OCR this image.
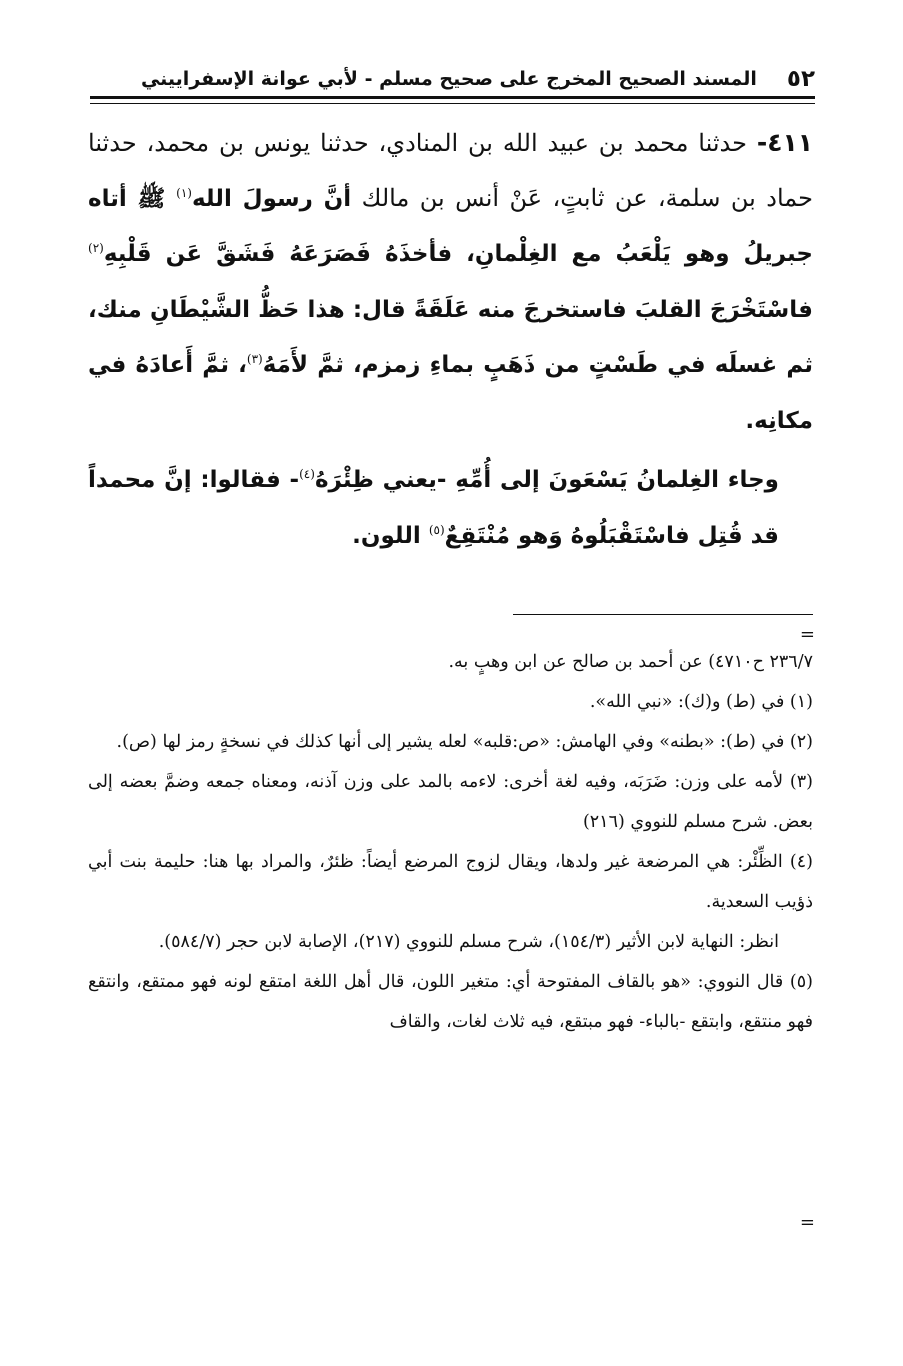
٥٢
المسند الصحيح المخرج على صحيح مسلم - لأبي عوانة الإسفراييني

٤١١- حدثنا محمد بن عبيد الله بن المنادي، حدثنا يونس بن محمد، حدثنا حماد بن سلمة، عن ثابتٍ، عَنْ أنس بن مالك أنَّ رسولَ الله$^{(١)}$ ﷺ أتاه جبريلُ وهو يَلْعَبُ مع الغِلْمانِ، فأخذَهُ فَصَرَعَهُ فَشَقَّ عَن قَلْبِهِ$^{(٢)}$ فاسْتَخْرَجَ القلبَ فاستخرجَ منه عَلَقَةً قال: هذا حَظُّ الشَّيْطَانِ منك، ثم غسلَه في طَسْتٍ من ذَهَبٍ بماءِ زمزم، ثمَّ لأَمَهُ$^{(٣)}$، ثمَّ أَعادَهُ في مكانِه.

وجاء الغِلمانُ يَسْعَونَ إلى أُمِّهِ -يعني ظِئْرَهُ$^{(٤)}$- فقالوا: إنَّ محمداً قد قُتِل فاسْتَقْبَلُوهُ وَهو مُنْتَقِعٌ$^{(٥)}$ اللون.

=

٢٣٦/٧ ح٤٧١٠) عن أحمد بن صالح عن ابن وهبٍ به.

(١) في (ط) و(ك): «نبي الله».

(٢) في (ط): «بطنه» وفي الهامش: «ص:قلبه» لعله يشير إلى أنها كذلك في نسخةٍ رمز لها (ص).

(٣) لأمه على وزن: ضَرَبَه، وفيه لغة أخرى: لاءمه بالمد على وزن آذنه، ومعناه جمعه وضمَّ بعضه إلى بعض. شرح مسلم للنووي (٢١٦)

(٤) الظِّئْر: هي المرضعة غير ولدها، ويقال لزوج المرضع أيضاً: ظئرٌ، والمراد بها هنا: حليمة بنت أبي ذؤيب السعدية.

انظر: النهاية لابن الأثير (١٥٤/٣)، شرح مسلم للنووي (٢١٧)، الإصابة لابن حجر (٥٨٤/٧).

(٥) قال النووي: «هو بالقاف المفتوحة أي: متغير اللون، قال أهل اللغة امتقع لونه فهو ممتقع، وانتقع فهو منتقع، وابتقع -بالباء- فهو مبتقع، فيه ثلاث لغات، والقاف

=
